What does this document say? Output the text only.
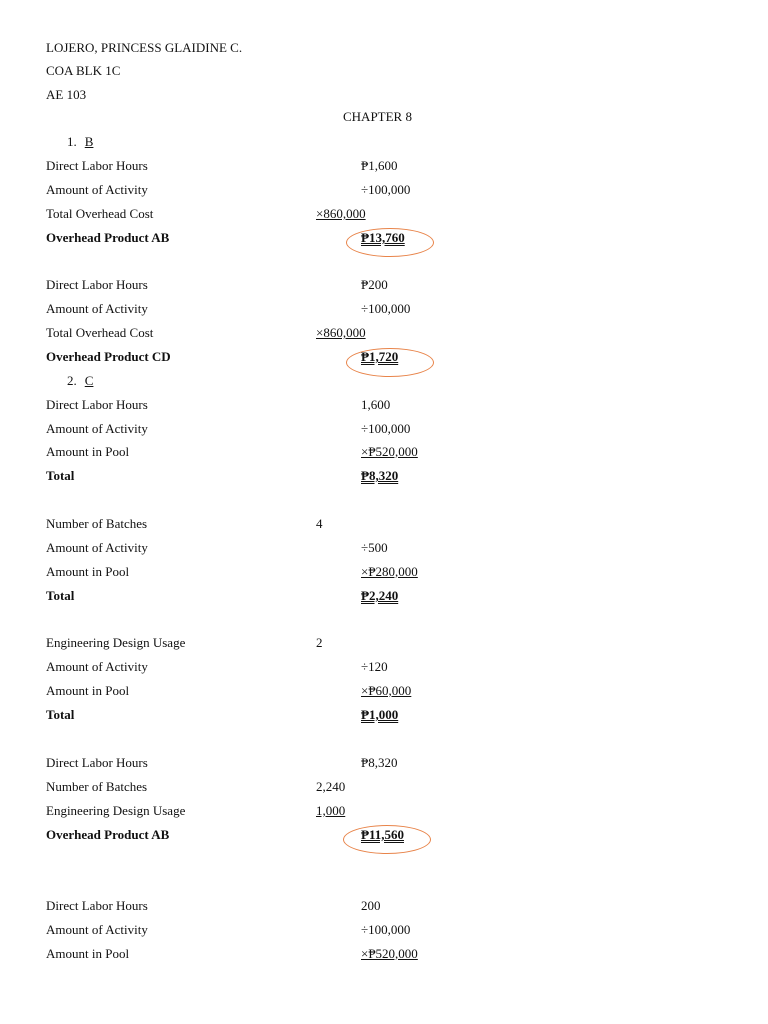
LOJERO, PRINCESS GLAIDINE C.
COA BLK 1C
AE 103
CHAPTER 8
1. B
Direct Labor Hours	₱1,600
Amount of Activity	÷100,000
Total Overhead Cost	×860,000
Overhead Product AB	₱13,760
Direct Labor Hours	₱200
Amount of Activity	÷100,000
Total Overhead Cost	×860,000
Overhead Product CD	₱1,720
2. C
Direct Labor Hours	1,600
Amount of Activity	÷100,000
Amount in Pool	×₱520,000
Total	₱8,320
Number of Batches	4
Amount of Activity	÷500
Amount in Pool	×₱280,000
Total	₱2,240
Engineering Design Usage	2
Amount of Activity	÷120
Amount in Pool	×₱60,000
Total	₱1,000
Direct Labor Hours	₱8,320
Number of Batches	2,240
Engineering Design Usage	1,000
Overhead Product AB	₱11,560
Direct Labor Hours	200
Amount of Activity	÷100,000
Amount in Pool	×₱520,000
